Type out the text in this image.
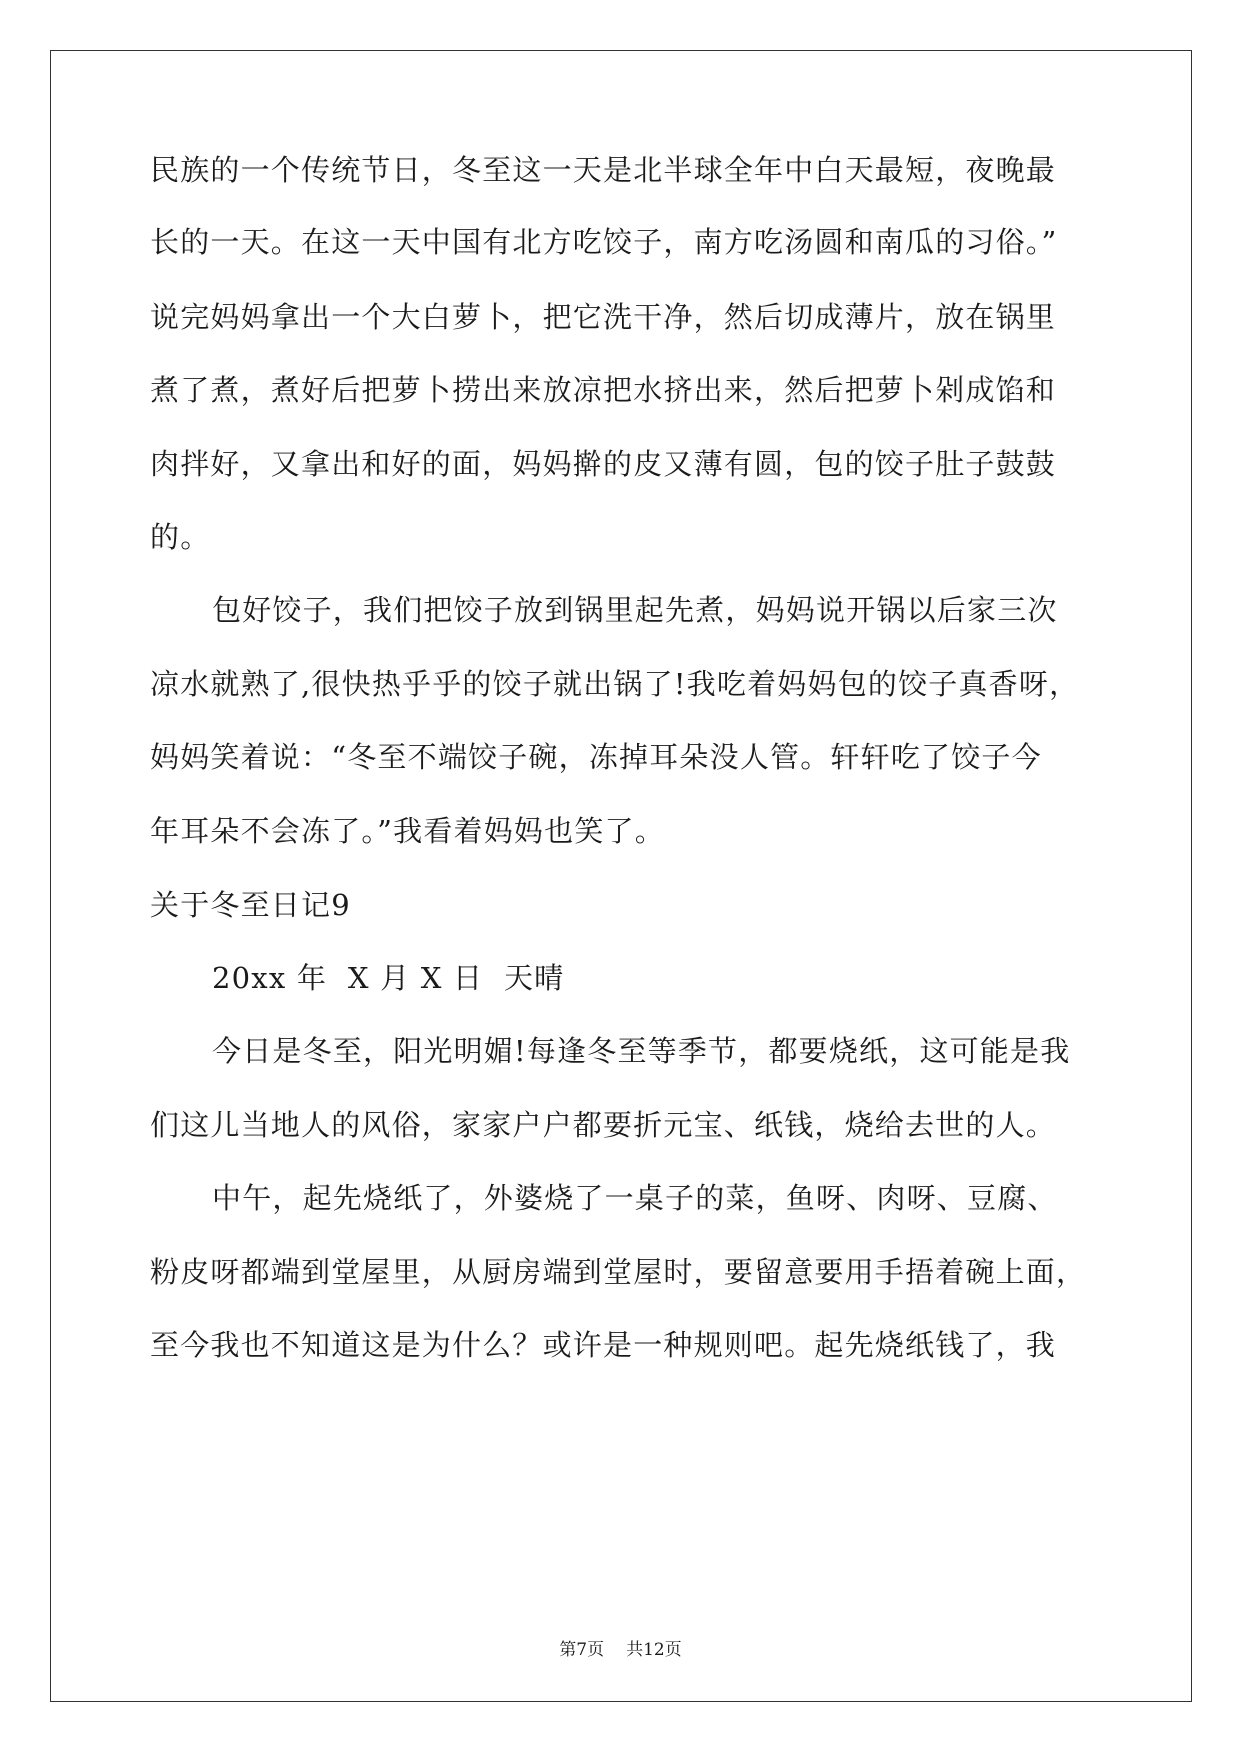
民族的一个传统节日，冬至这一天是北半球全年中白天最短，夜晚最
长的一天。在这一天中国有北方吃饺子，南方吃汤圆和南瓜的习俗。”
说完妈妈拿出一个大白萝卜，把它洗干净，然后切成薄片，放在锅里
煮了煮，煮好后把萝卜捞出来放凉把水挤出来，然后把萝卜剁成馅和
肉拌好，又拿出和好的面，妈妈擀的皮又薄有圆，包的饺子肚子鼓鼓
的。
包好饺子，我们把饺子放到锅里起先煮，妈妈说开锅以后家三次
凉水就熟了,很快热乎乎的饺子就出锅了!我吃着妈妈包的饺子真香呀，
妈妈笑着说：“冬至不端饺子碗，冻掉耳朵没人管。轩轩吃了饺子今
年耳朵不会冻了。”我看着妈妈也笑了。
关于冬至日记9
20xx 年  X 月 X 日  天晴
今日是冬至，阳光明媚!每逢冬至等季节，都要烧纸，这可能是我
们这儿当地人的风俗，家家户户都要折元宝、纸钱，烧给去世的人。
中午，起先烧纸了，外婆烧了一桌子的菜，鱼呀、肉呀、豆腐、
粉皮呀都端到堂屋里，从厨房端到堂屋时，要留意要用手捂着碗上面，
至今我也不知道这是为什么？或许是一种规则吧。起先烧纸钱了，我
第7页 共12页
